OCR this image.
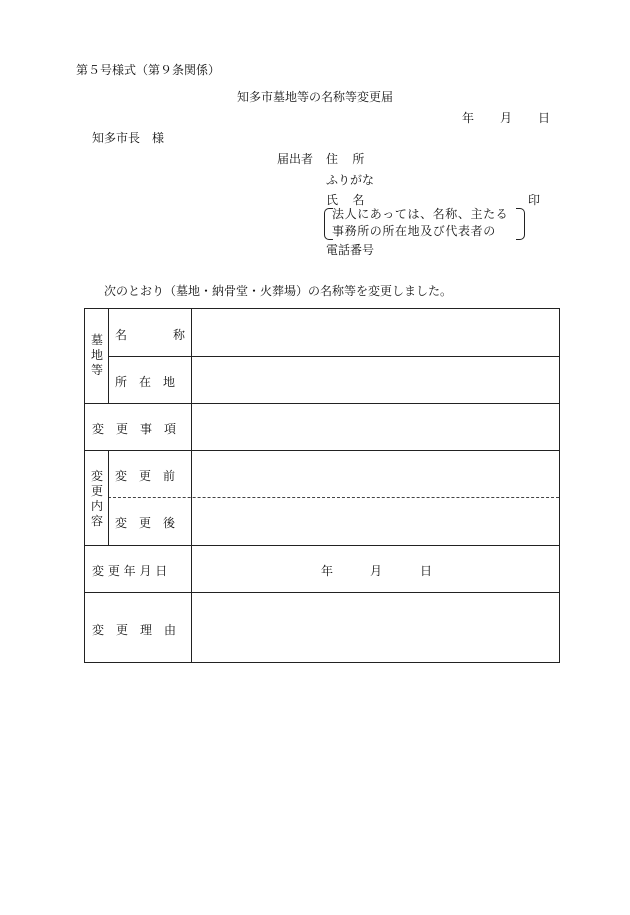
第５号様式（第９条関係）
知多市墓地等の名称等変更届
年 月 日
知多市長　様
届出者 住所
ふりがな
氏名	印
法人にあっては、名称、主たる事務所の所在地及び代表者の
電話番号
次のとおり（墓地・納骨堂・火葬場）の名称等を変更しました。
墓地等
名	称
所　在　地
変　更　事　項
変更内容
変　更　前
変　更　後
変 更 年 月 日	年	月	日
変　更　理　由
